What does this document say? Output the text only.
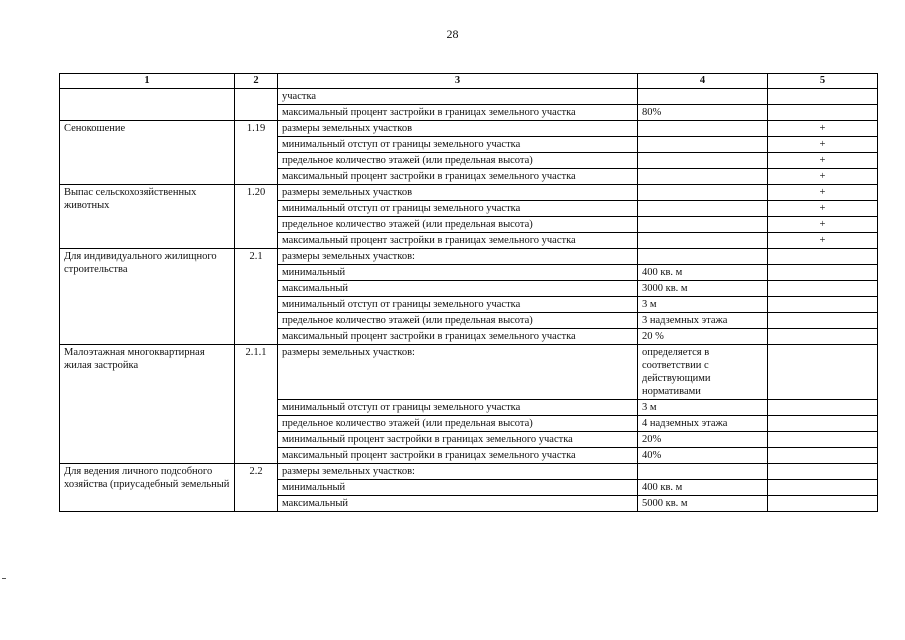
28
1	2	3	4	5
		участка		
		максимальный процент застройки в границах земельного участка	80%	
Сенокошение	1.19	размеры земельных участков		+
		минимальный отступ от границы земельного участка		+
		предельное количество этажей (или предельная высота)		+
		максимальный процент застройки в границах земельного участка		+
Выпас сельскохозяйственных животных	1.20	размеры земельных участков		+
		минимальный отступ от границы земельного участка		+
		предельное количество этажей (или предельная высота)		+
		максимальный процент застройки в границах земельного участка		+
Для индивидуального жилищного строительства	2.1	размеры земельных участков:		
		минимальный	400 кв. м	
		максимальный	3000 кв. м	
		минимальный отступ от границы земельного участка	3 м	
		предельное количество этажей (или предельная высота)	3 надземных этажа	
		максимальный процент застройки в границах земельного участка	20 %	
Малоэтажная многоквартирная жилая застройка	2.1.1	размеры земельных участков:	определяется в соответствии с действующими нормативами	
		минимальный отступ от границы земельного участка	3 м	
		предельное количество этажей (или предельная высота)	4 надземных этажа	
		минимальный процент застройки в границах земельного участка	20%	
		максимальный процент застройки в границах земельного участка	40%	
Для ведения личного подсобного хозяйства (приусадебный земельный	2.2	размеры земельных участков:		
		минимальный	400 кв. м	
		максимальный	5000 кв. м	
